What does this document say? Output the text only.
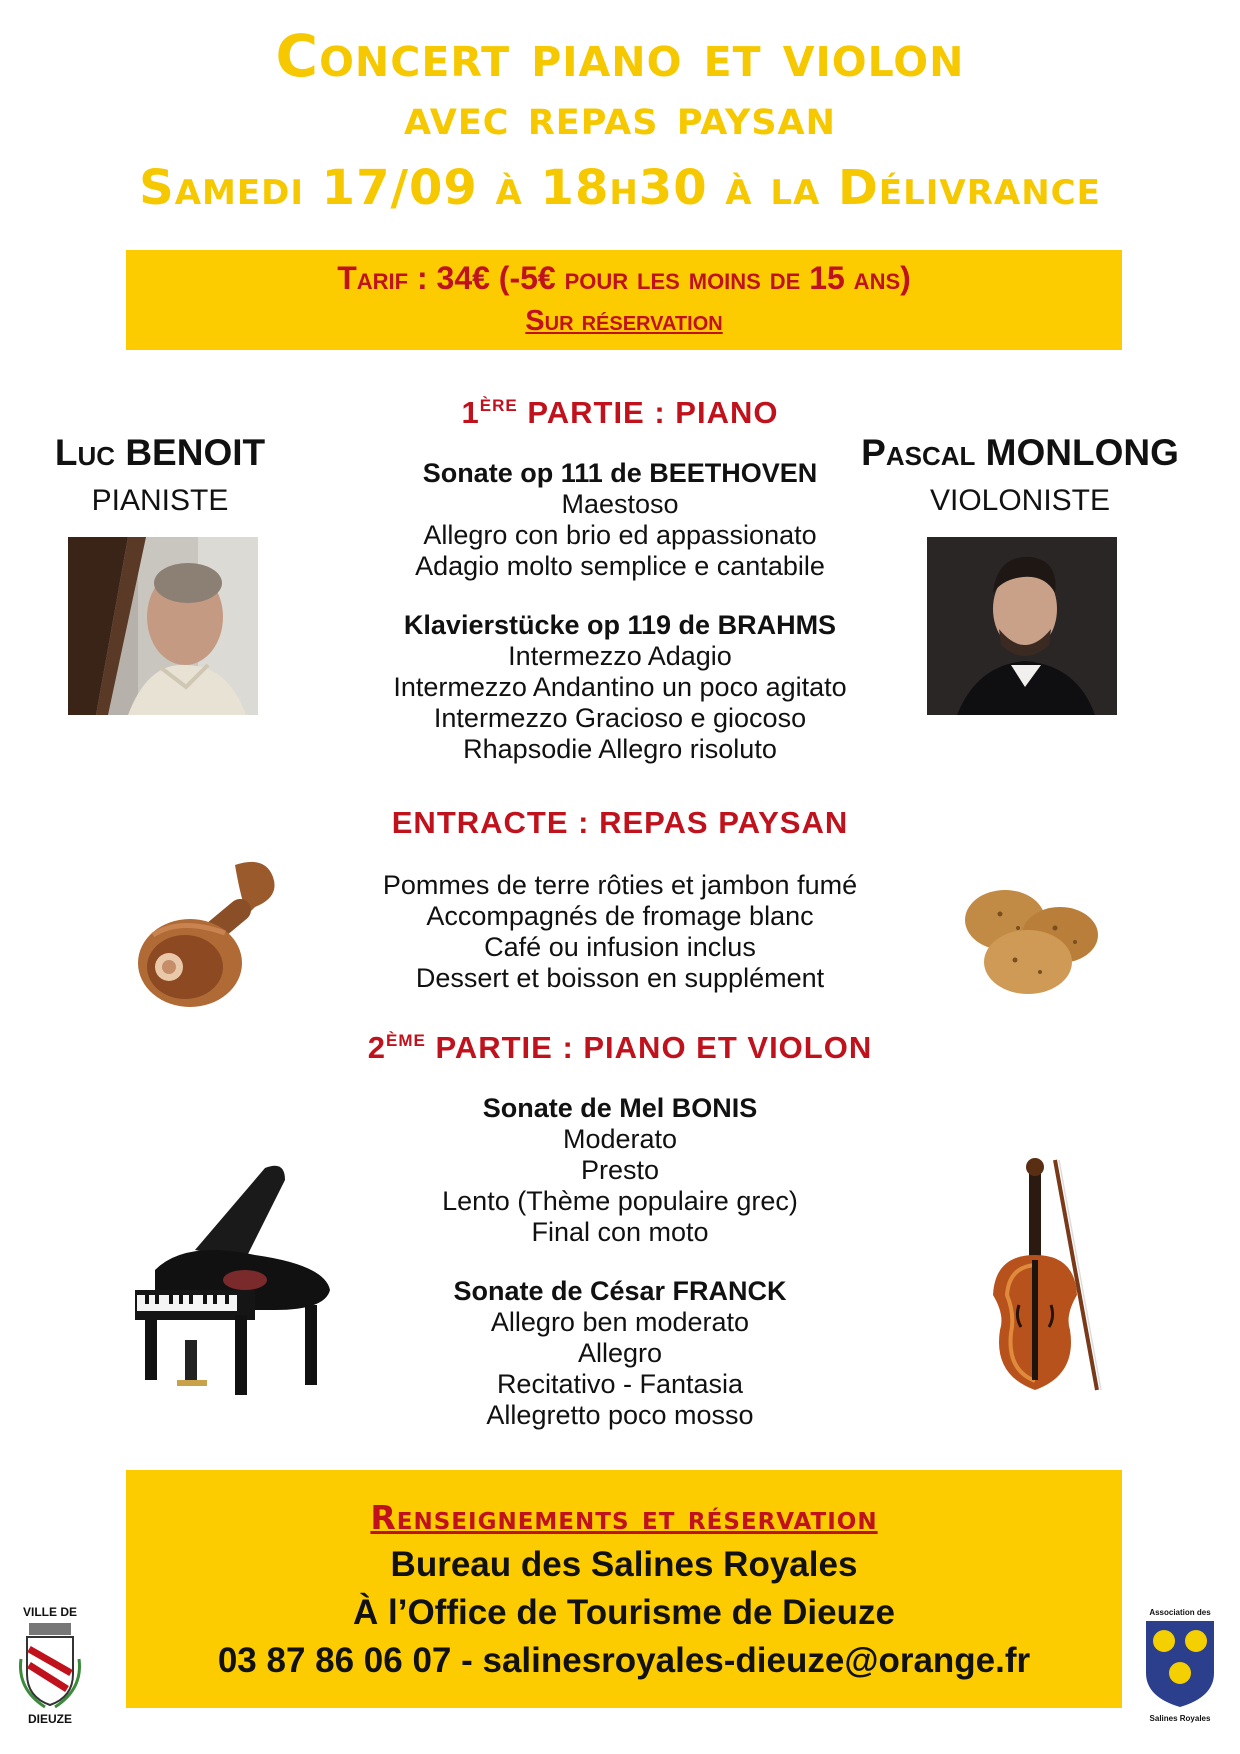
Concert piano et violon
avec repas paysan
Samedi 17/09 à 18h30 à la Délivrance
Tarif : 34€ (-5€ pour les moins de 15 ans)
Sur réservation
Luc BENOIT
PIANISTE
Pascal MONLONG
VIOLONISTE
1ÈRE PARTIE : PIANO
Sonate op 111 de BEETHOVEN
Maestoso
Allegro con brio ed appassionato
Adagio molto semplice e cantabile
Klavierstücke op 119 de BRAHMS
Intermezzo Adagio
Intermezzo Andantino un poco agitato
Intermezzo Gracioso e giocoso
Rhapsodie Allegro risoluto
ENTRACTE : REPAS PAYSAN
Pommes de terre rôties et jambon fumé
Accompagnés de fromage blanc
Café ou infusion inclus
Dessert et boisson en supplément
2ÈME PARTIE : PIANO ET VIOLON
Sonate de Mel BONIS
Moderato
Presto
Lento (Thème populaire grec)
Final con moto
Sonate de César FRANCK
Allegro ben moderato
Allegro
Recitativo - Fantasia
Allegretto poco mosso
Renseignements et réservation
Bureau des Salines Royales
À l’Office de Tourisme de Dieuze
03 87 86 06 07 - salinesroyales-dieuze@orange.fr
VILLE DE
DIEUZE
Association des
Salines Royales
